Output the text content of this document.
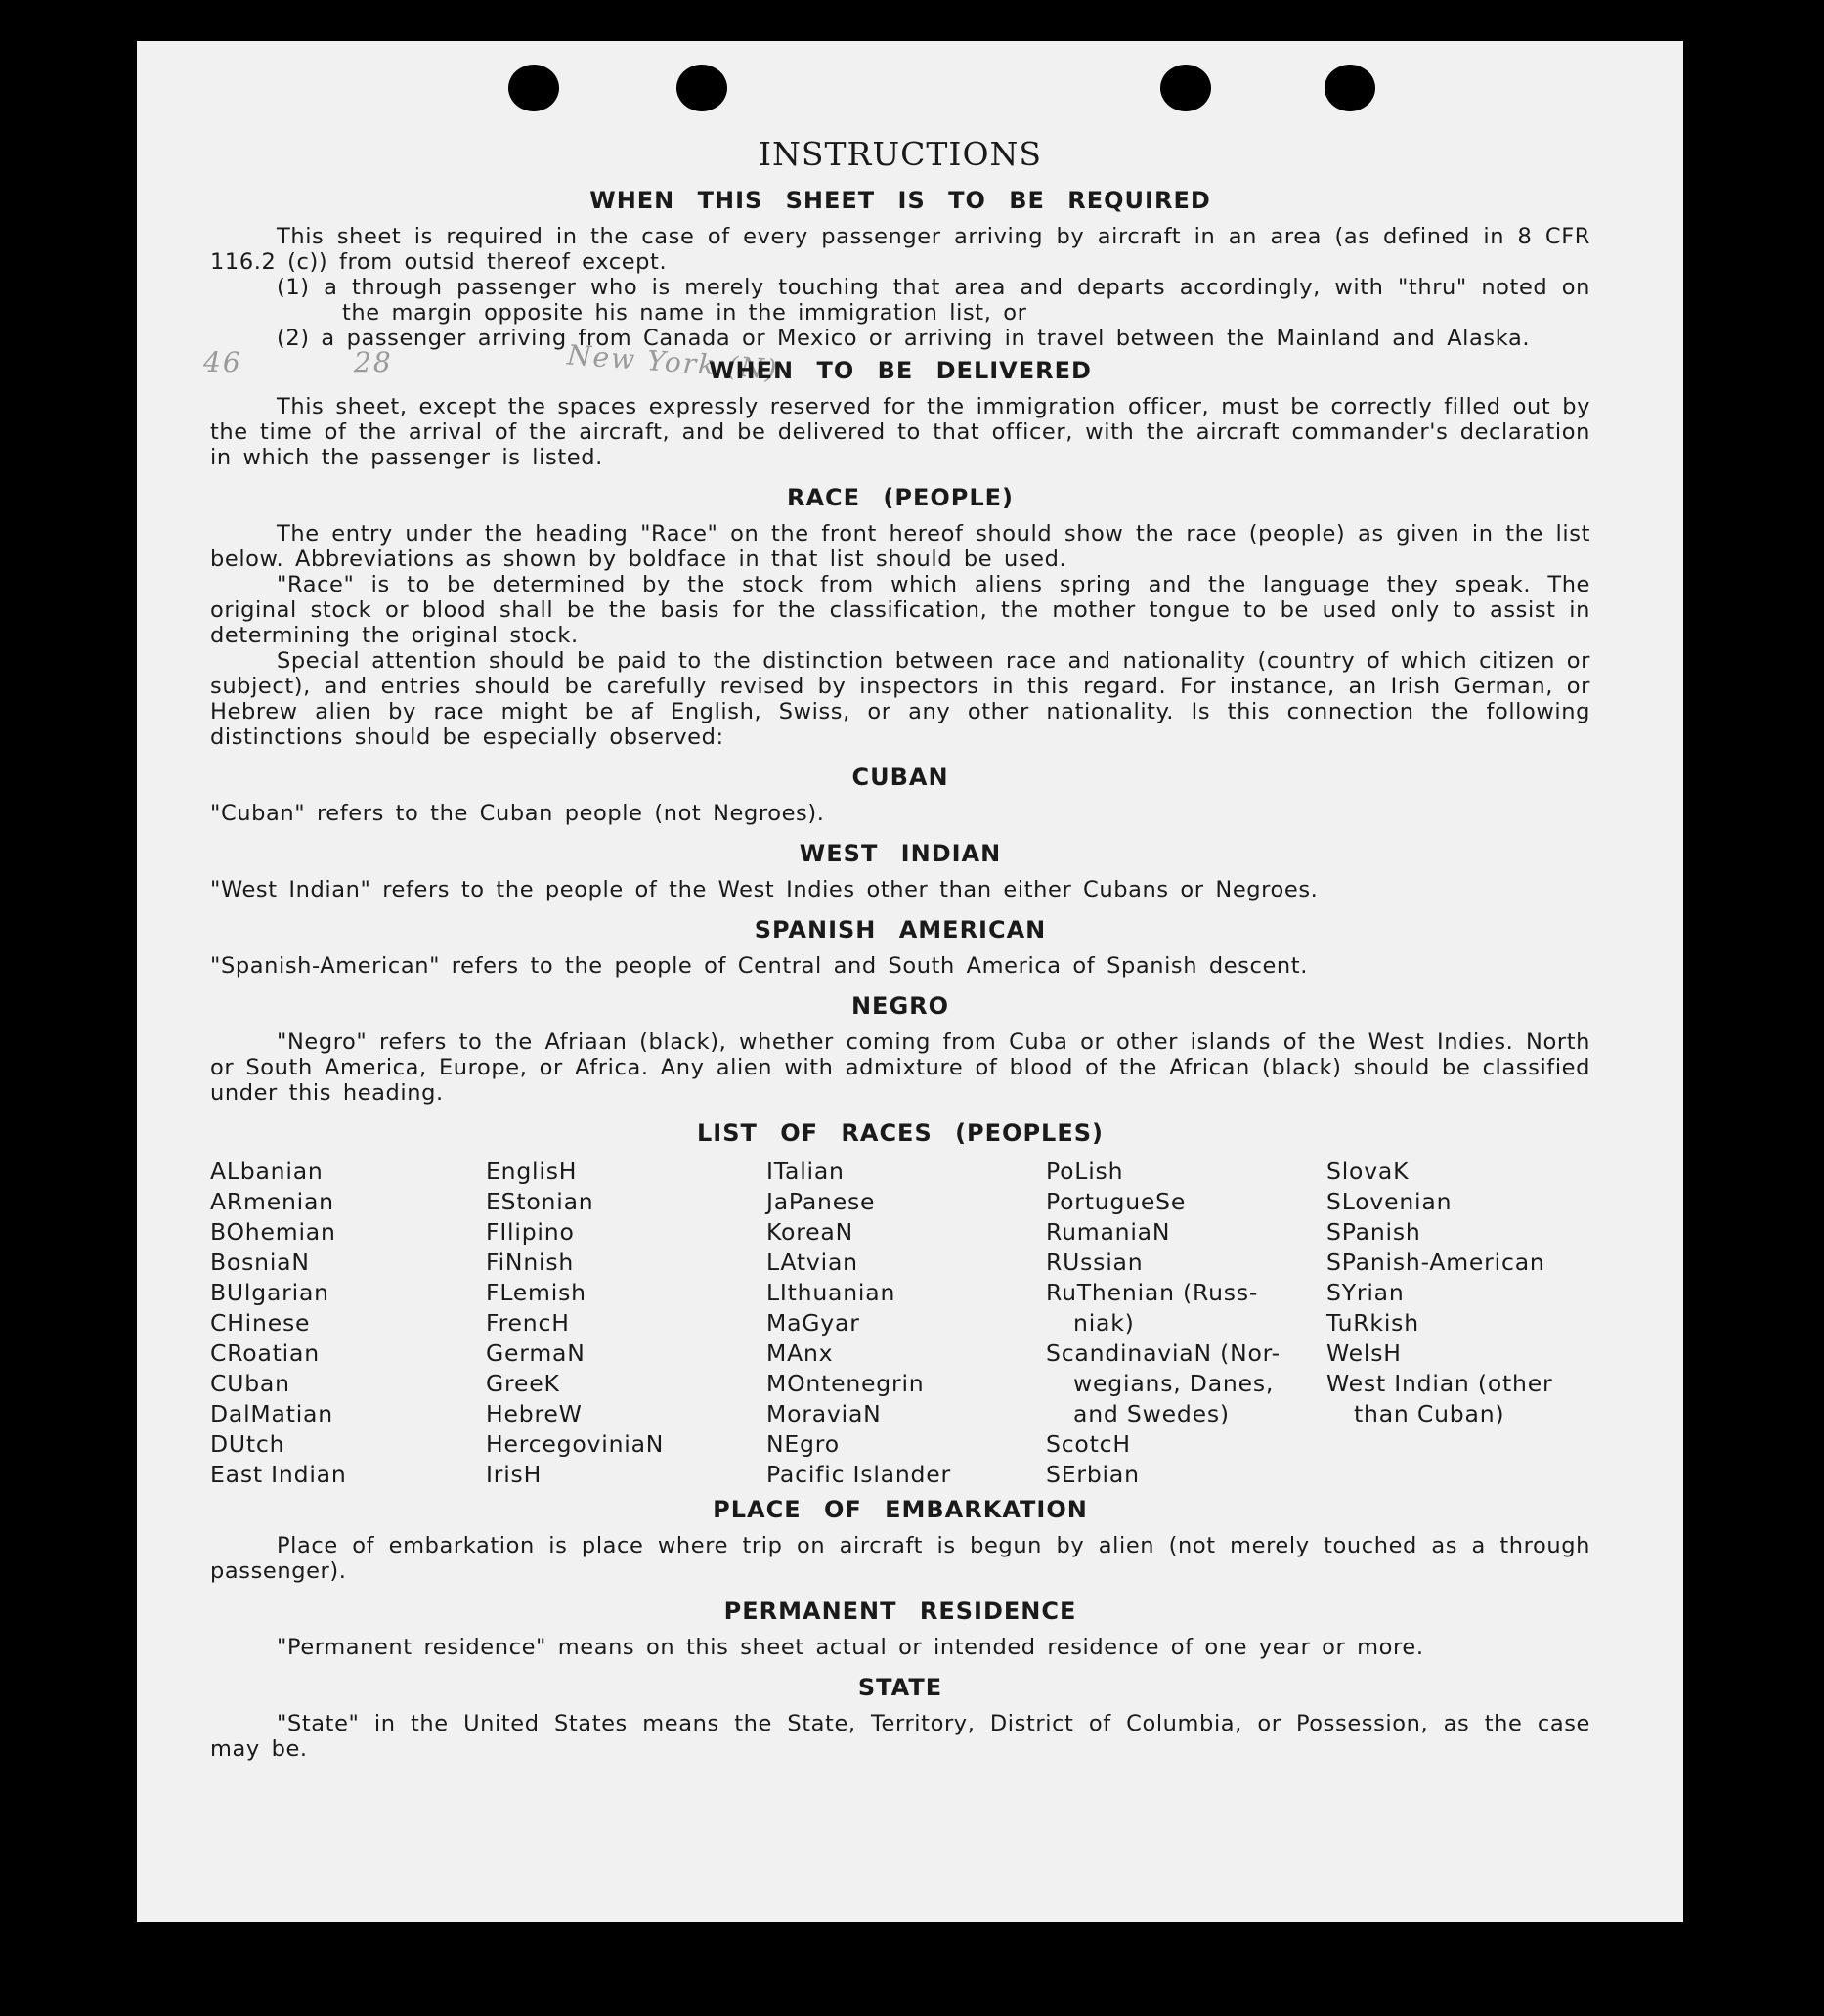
46	28	New York (N)
INSTRUCTIONS
WHEN THIS SHEET IS TO BE REQUIRED

This sheet is required in the case of every passenger arriving by aircraft in an area (as defined in 8 CFR 116.2 (c)) from outsid thereof except.

(1) a through passenger who is merely touching that area and departs accordingly, with "thru" noted on the margin opposite his name in the immigration list, or

(2) a passenger arriving from Canada or Mexico or arriving in travel between the Mainland and Alaska.

WHEN TO BE DELIVERED

This sheet, except the spaces expressly reserved for the immigration officer, must be correctly filled out by the time of the arrival of the aircraft, and be delivered to that officer, with the aircraft commander's declaration in which the passenger is listed.

RACE (PEOPLE)

The entry under the heading "Race" on the front hereof should show the race (people) as given in the list below. Abbreviations as shown by boldface in that list should be used.

"Race" is to be determined by the stock from which aliens spring and the language they speak. The original stock or blood shall be the basis for the classification, the mother tongue to be used only to assist in determining the original stock.

Special attention should be paid to the distinction between race and nationality (country of which citizen or subject), and entries should be carefully revised by inspectors in this regard. For instance, an Irish German, or Hebrew alien by race might be af English, Swiss, or any other nationality. Is this connection the following distinctions should be especially observed:

CUBAN

"Cuban" refers to the Cuban people (not Negroes).

WEST INDIAN

"West Indian" refers to the people of the West Indies other than either Cubans or Negroes.

SPANISH AMERICAN

"Spanish-American" refers to the people of Central and South America of Spanish descent.

NEGRO

"Negro" refers to the Afriaan (black), whether coming from Cuba or other islands of the West Indies. North or South America, Europe, or Africa. Any alien with admixture of blood of the African (black) should be classified under this heading.

LIST OF RACES (PEOPLES)
ALbanian
ARmenian
BOhemian
BosniaN
BUlgarian
CHinese
CRoatian
CUban
DalMatian
DUtch
East Indian
EnglisH
EStonian
FIlipino
FiNnish
FLemish
FrencH
GermaN
GreeK
HebreW
HercegoviniaN
IrisH
ITalian
JaPanese
KoreaN
LAtvian
LIthuanian
MaGyar
MAnx
MOntenegrin
MoraviaN
NEgro
Pacific Islander
PoLish
PortugueSe
RumaniaN
RUssian
RuThenian (Russ-
niak)
ScandinaviaN (Nor-
wegians, Danes,
and Swedes)
ScotcH
SErbian
SlovaK
SLovenian
SPanish
SPanish-American
SYrian
TuRkish
WelsH
West Indian (other
than Cuban)
PLACE OF EMBARKATION

Place of embarkation is place where trip on aircraft is begun by alien (not merely touched as a through passenger).

PERMANENT RESIDENCE

"Permanent residence" means on this sheet actual or intended residence of one year or more.

STATE

"State" in the United States means the State, Territory, District of Columbia, or Possession, as the case may be.
